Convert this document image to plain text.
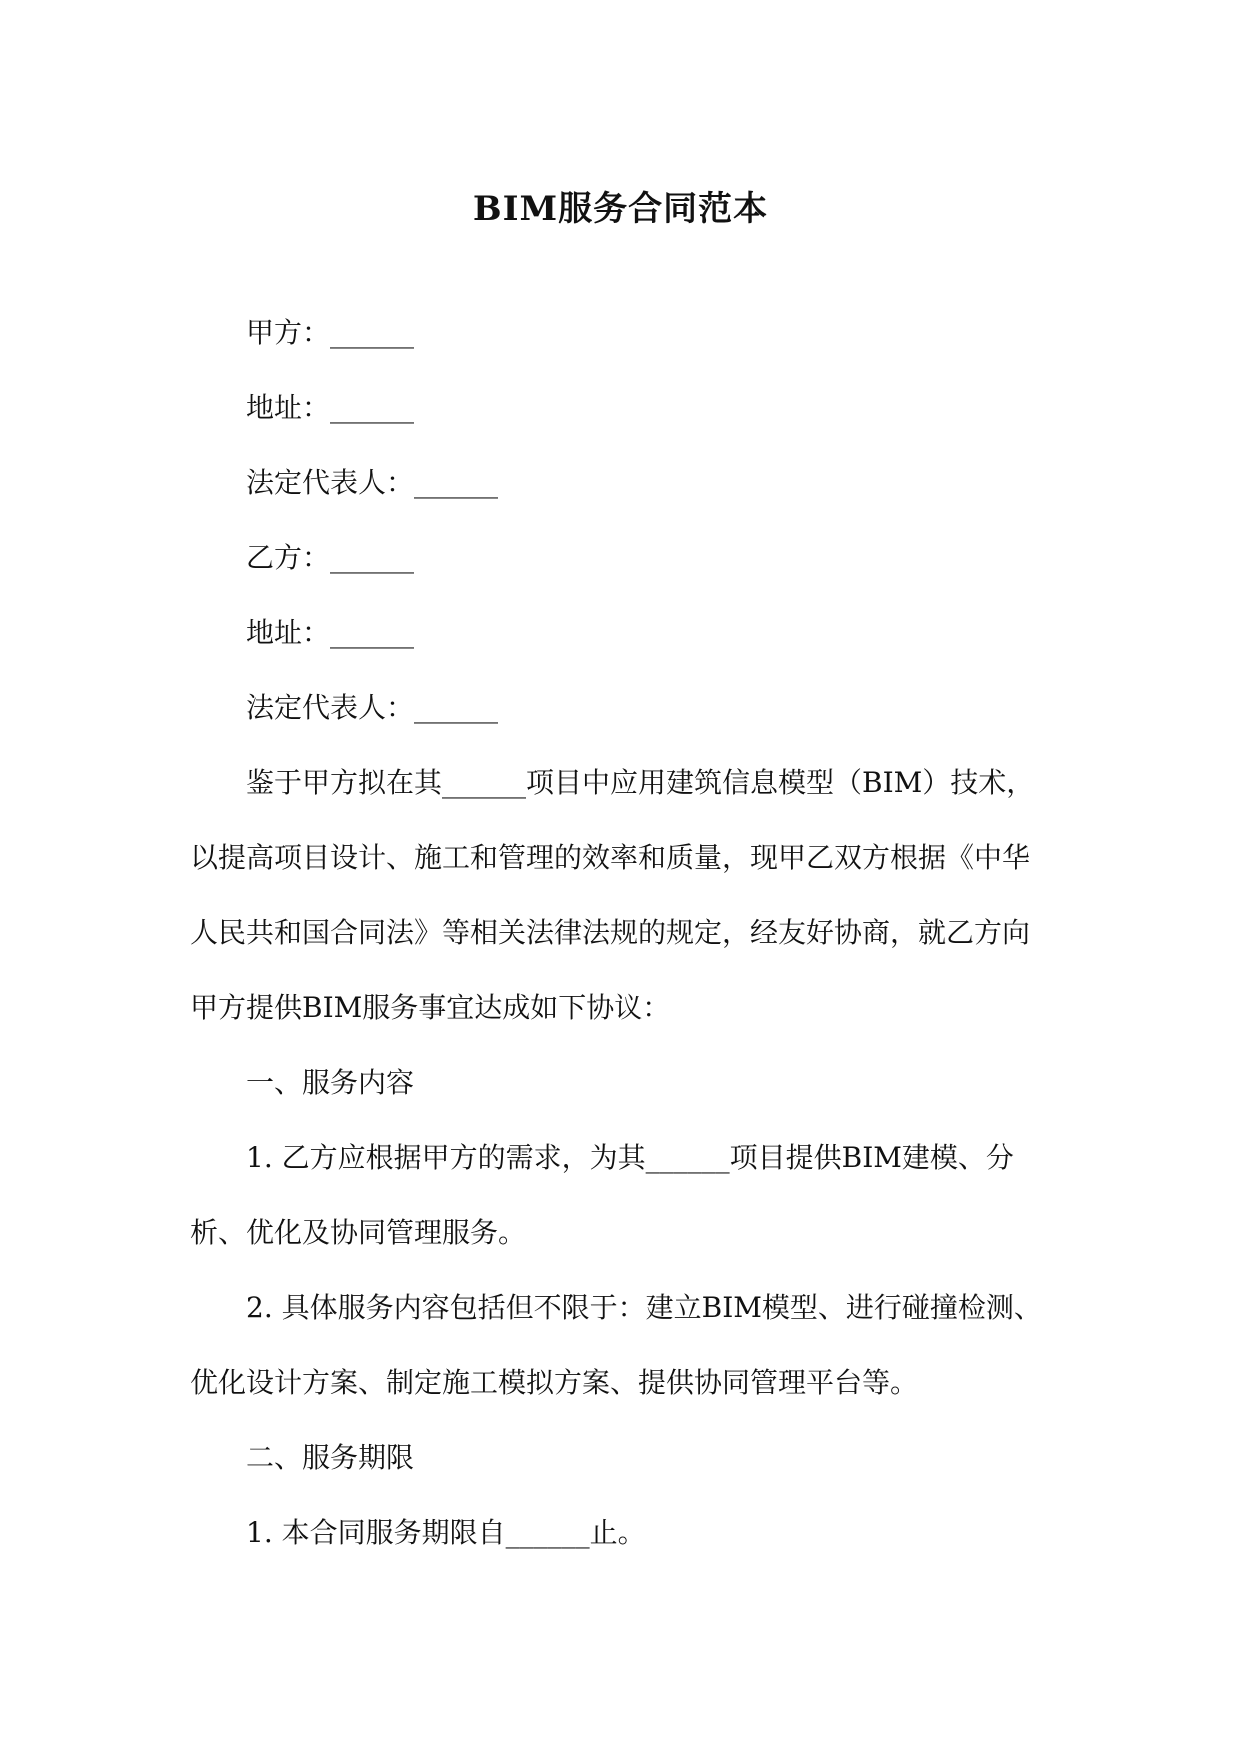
BIM服务合同范本
甲方：______
地址：______
法定代表人：______
乙方：______
地址：______
法定代表人：______
鉴于甲方拟在其______项目中应用建筑信息模型（BIM）技术，
以提高项目设计、施工和管理的效率和质量，现甲乙双方根据《中华
人民共和国合同法》等相关法律法规的规定，经友好协商，就乙方向
甲方提供BIM服务事宜达成如下协议：
一、服务内容
1. 乙方应根据甲方的需求，为其______项目提供BIM建模、分
析、优化及协同管理服务。
2. 具体服务内容包括但不限于：建立BIM模型、进行碰撞检测、
优化设计方案、制定施工模拟方案、提供协同管理平台等。
二、服务期限
1. 本合同服务期限自______止。
